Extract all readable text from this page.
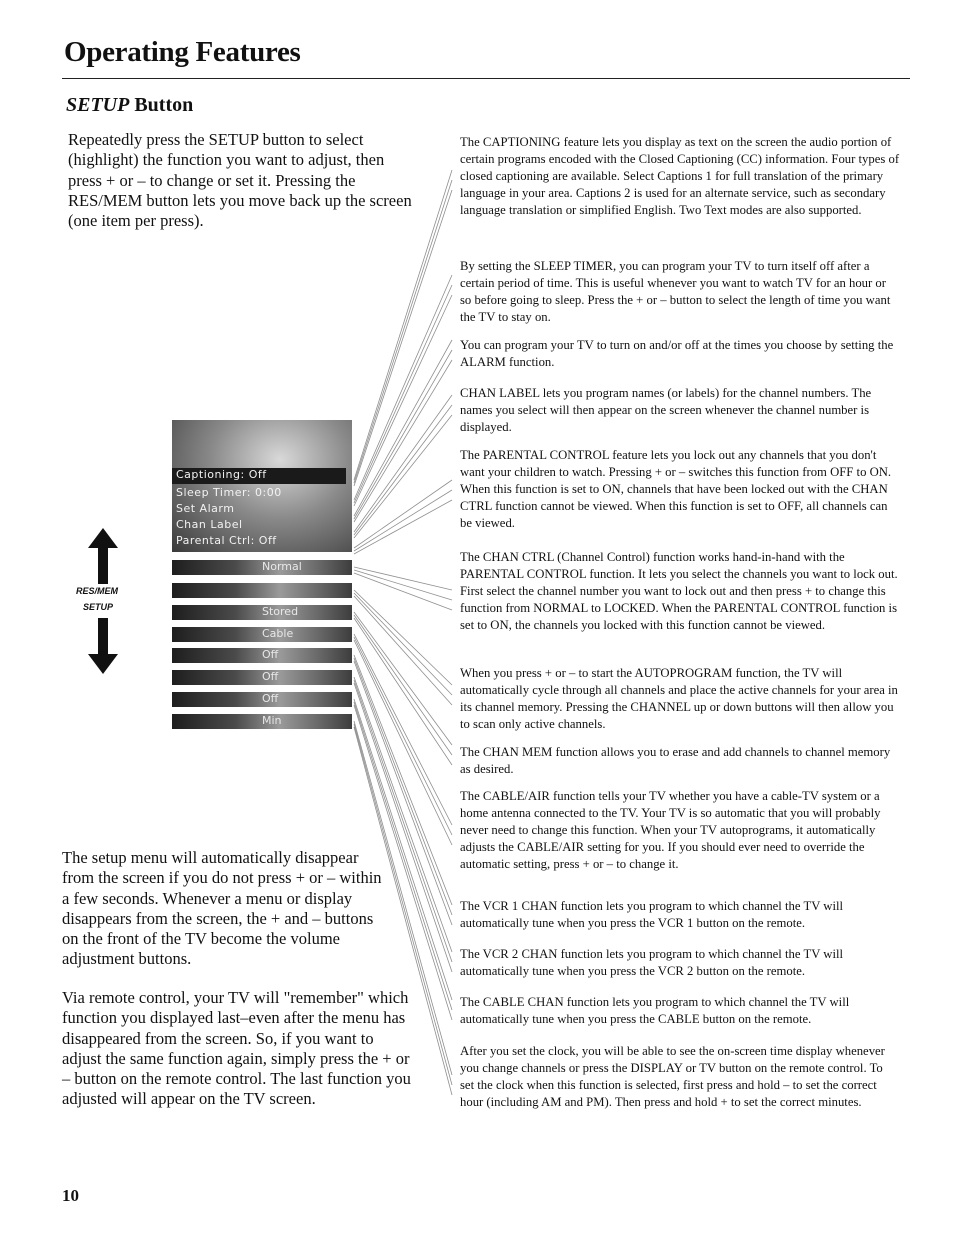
Operating Features
SETUP Button
Repeatedly press the SETUP button to select (highlight) the function you want to adjust, then press + or – to change or set it. Pressing the RES/MEM button lets you move back up the screen (one item per press).
Captioning: Off
Sleep Timer: 0:00
Set Alarm
Chan Label
Parental Ctrl: Off
Normal
Stored
Cable
Off
Off
Off
Min
RES/MEM
SETUP
The setup menu will automatically disappear from the screen if you do not press + or – within a few seconds. Whenever a menu or display disappears from the screen, the + and – buttons on the front of the TV become the volume adjustment buttons.
Via remote control, your TV will "remember" which function you displayed last–even after the menu has disappeared from the screen. So, if you want to adjust the same function again, simply press the + or – button on the remote control. The last function you adjusted will appear on the TV screen.
The CAPTIONING feature lets you display as text on the screen the audio portion of certain programs encoded with the Closed Captioning (CC) information. Four types of closed captioning are available. Select Captions 1 for full translation of the primary language in your area. Captions 2 is used for an alternate service, such as secondary language translation or simplified English. Two Text modes are also supported.
By setting the SLEEP TIMER, you can program your TV to turn itself off after a certain period of time. This is useful whenever you want to watch TV for an hour or so before going to sleep. Press the + or – button to select the length of time you want the TV to stay on.
You can program your TV to turn on and/or off at the times you choose by setting the ALARM function.
CHAN LABEL lets you program names (or labels) for the channel numbers. The names you select will then appear on the screen whenever the channel number is displayed.
The PARENTAL CONTROL feature lets you lock out any channels that you don't want your children to watch. Pressing + or – switches this function from OFF to ON. When this function is set to ON, channels that have been locked out with the CHAN CTRL function cannot be viewed. When this function is set to OFF, all channels can be viewed.
The CHAN CTRL (Channel Control) function works hand-in-hand with the PARENTAL CONTROL function. It lets you select the channels you want to lock out. First select the channel number you want to lock out and then press + to change this function from NORMAL to LOCKED. When the PARENTAL CONTROL function is set to ON, the channels you locked with this function cannot be viewed.
When you press + or – to start the AUTOPROGRAM function, the TV will automatically cycle through all channels and place the active channels for your area in its channel memory. Pressing the CHANNEL up or down buttons will then allow you to scan only active channels.
The CHAN MEM function allows you to erase and add channels to channel memory as desired.
The CABLE/AIR function tells your TV whether you have a cable-TV system or a home antenna connected to the TV. Your TV is so automatic that you will probably never need to change this function. When your TV autoprograms, it automatically adjusts the CABLE/AIR setting for you. If you should ever need to override the automatic setting, press + or – to change it.
The VCR 1 CHAN function lets you program to which channel the TV will automatically tune when you press the VCR 1 button on the remote.
The VCR 2 CHAN function lets you program to which channel the TV will automatically tune when you press the VCR 2 button on the remote.
The CABLE CHAN function lets you program to which channel the TV will automatically tune when you press the CABLE button on the remote.
After you set the clock, you will be able to see the on-screen time display whenever you change channels or press the DISPLAY or TV button on the remote control. To set the clock when this function is selected, first press and hold – to set the correct hour (including AM and PM). Then press and hold + to set the correct minutes.
10
